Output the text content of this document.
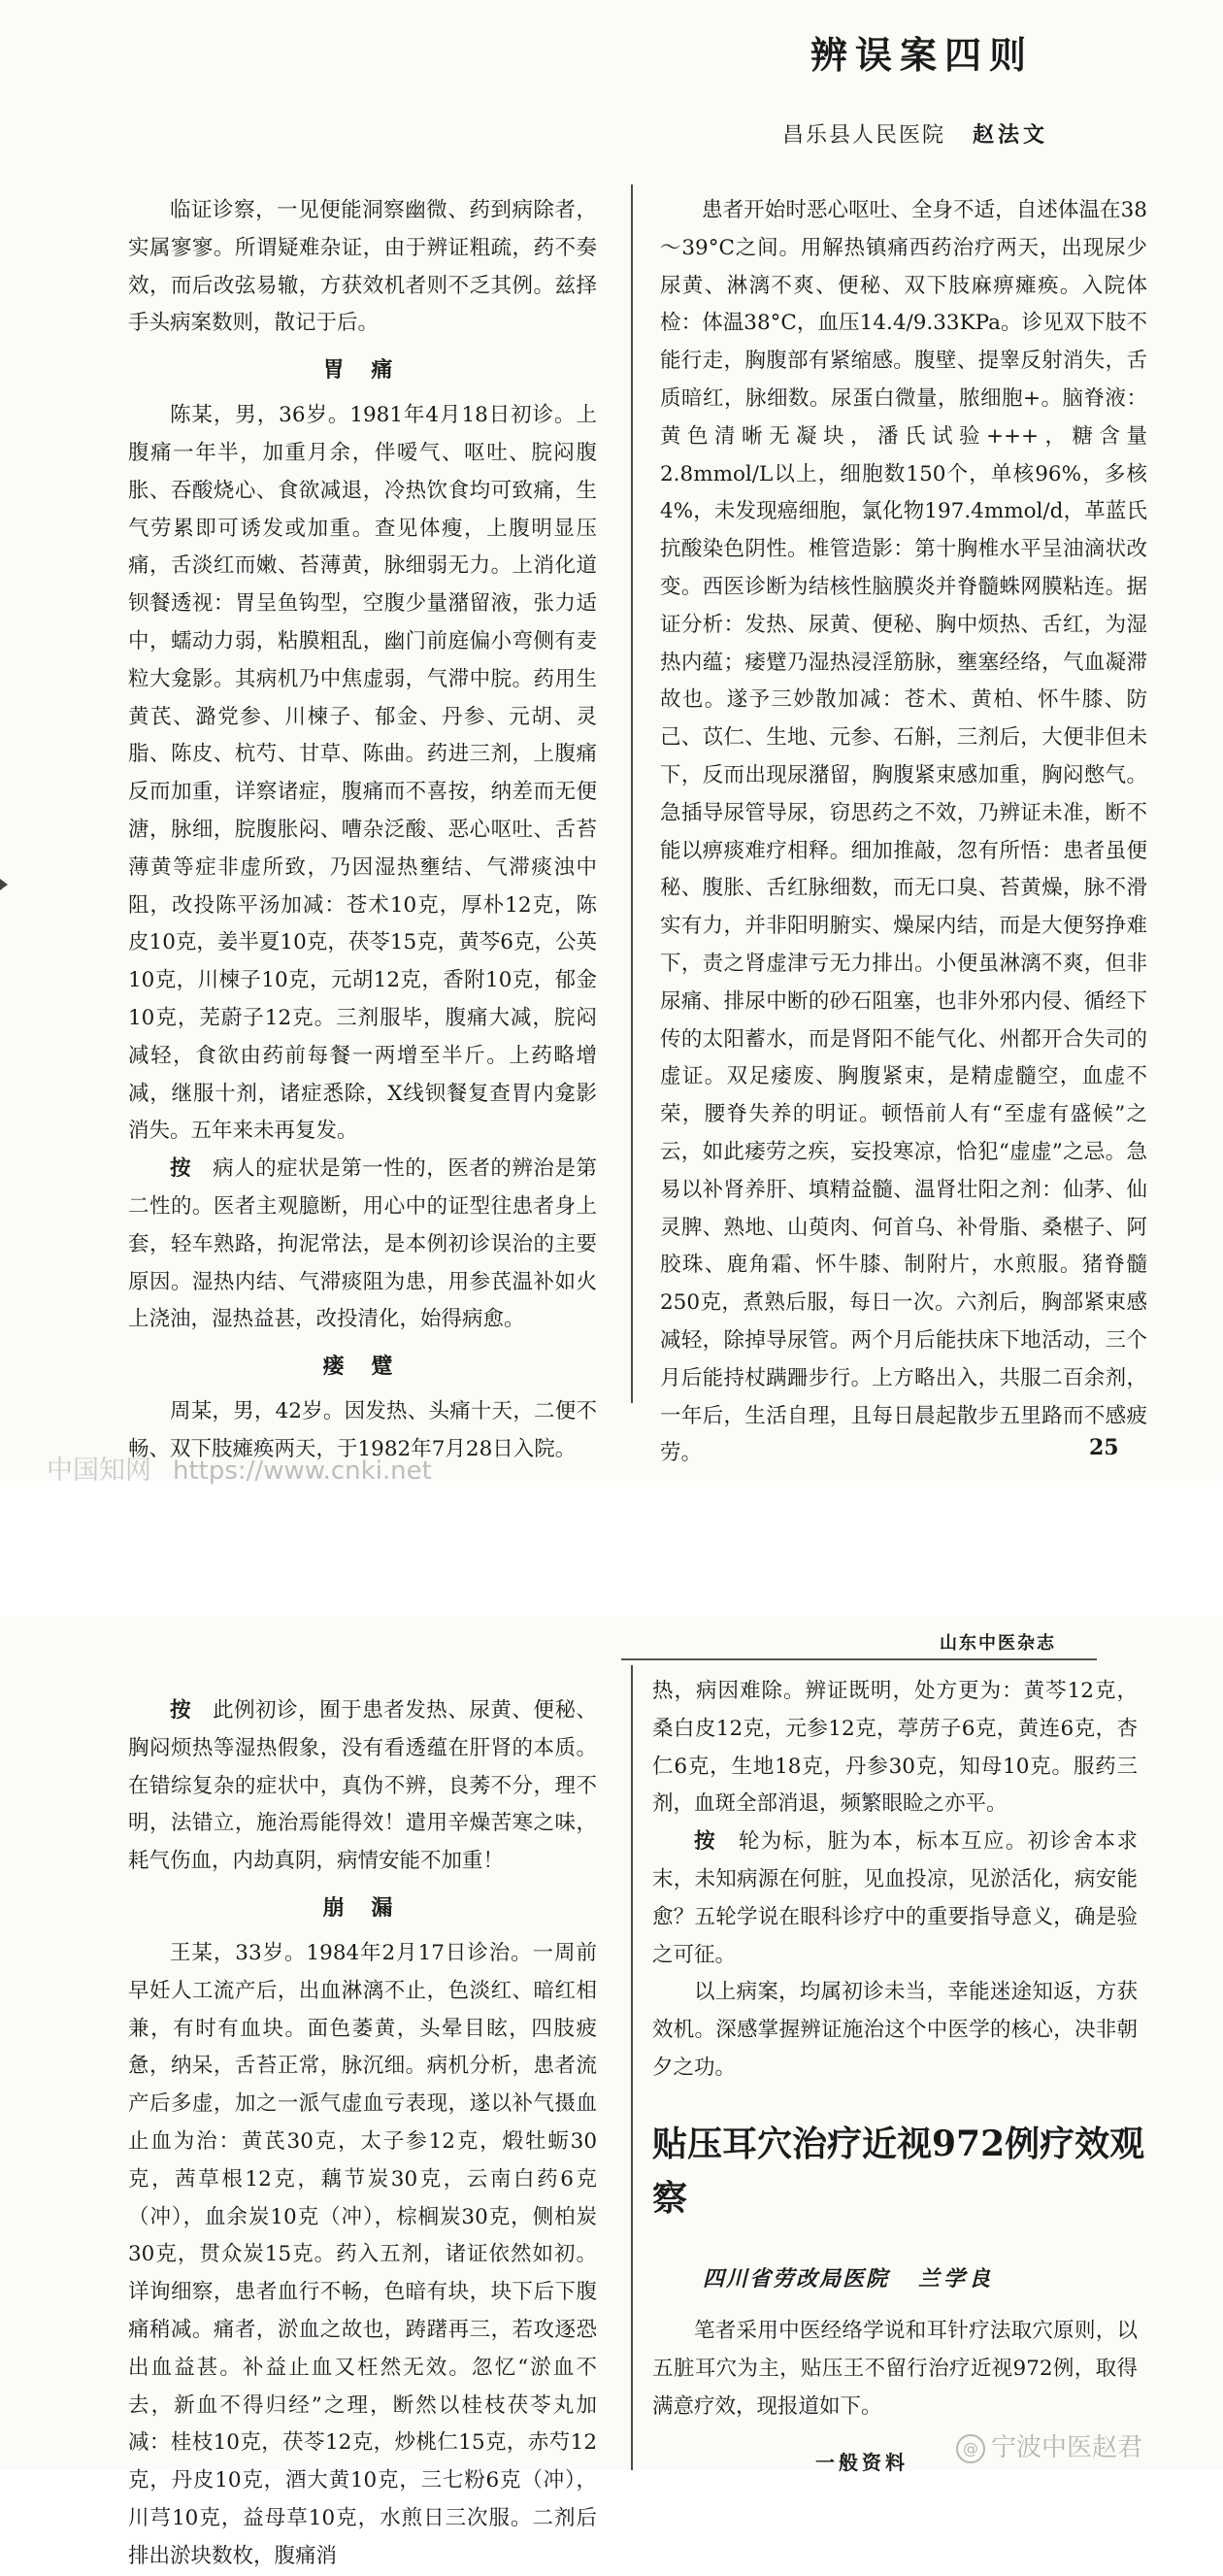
辨误案四则
昌乐县人民医院 赵法文

临证诊察，一见便能洞察幽微、药到病除者，实属寥寥。所谓疑难杂证，由于辨证粗疏，药不奏效，而后改弦易辙，方获效机者则不乏其例。兹择手头病案数则，散记于后。

胃 痛

陈某，男，36岁。1981年4月18日初诊。上腹痛一年半，加重月余，伴嗳气、呕吐、脘闷腹胀、吞酸烧心、食欲减退，冷热饮食均可致痛，生气劳累即可诱发或加重。查见体瘦，上腹明显压痛，舌淡红而嫩、苔薄黄，脉细弱无力。上消化道钡餐透视：胃呈鱼钩型，空腹少量潴留液，张力适中，蠕动力弱，粘膜粗乱，幽门前庭偏小弯侧有麦粒大龛影。其病机乃中焦虚弱，气滞中脘。药用生黄芪、潞党参、川楝子、郁金、丹参、元胡、灵脂、陈皮、杭芍、甘草、陈曲。药进三剂，上腹痛反而加重，详察诸症，腹痛而不喜按，纳差而无便溏，脉细，脘腹胀闷、嘈杂泛酸、恶心呕吐、舌苔薄黄等症非虚所致，乃因湿热壅结、气滞痰浊中阻，改投陈平汤加减：苍术10克，厚朴12克，陈皮10克，姜半夏10克，茯苓15克，黄芩6克，公英10克，川楝子10克，元胡12克，香附10克，郁金10克，芜蔚子12克。三剂服毕，腹痛大减，脘闷减轻，食欲由药前每餐一两增至半斤。上药略增减，继服十剂，诸症悉除，X线钡餐复查胃内龛影消失。五年来未再复发。

按　 病人的症状是第一性的，医者的辨治是第二性的。医者主观臆断，用心中的证型往患者身上套，轻车熟路，拘泥常法，是本例初诊误治的主要原因。湿热内结、气滞痰阻为患，用参芪温补如火上浇油，湿热益甚，改投清化，始得病愈。

瘘 躄

周某，男，42岁。因发热、头痛十天，二便不畅、双下肢瘫痪两天，于1982年7月28日入院。

患者开始时恶心呕吐、全身不适，自述体温在38～39°C之间。用解热镇痛西药治疗两天，出现尿少尿黄、淋漓不爽、便秘、双下肢麻痹瘫痪。入院体检：体温38°C，血压14.4/9.33KPa。诊见双下肢不能行走，胸腹部有紧缩感。腹壁、提睾反射消失，舌质暗红，脉细数。尿蛋白微量，脓细胞+。脑脊液：黄色清晰无凝块，潘氏试验+++，糖含量2.8mmol/L以上，细胞数150个，单核96%，多核4%，未发现癌细胞，氯化物197.4mmol/d，革蓝氏抗酸染色阴性。椎管造影：第十胸椎水平呈油滴状改变。西医诊断为结核性脑膜炎并脊髓蛛网膜粘连。据证分析：发热、尿黄、便秘、胸中烦热、舌红，为湿热内蕴；痿躄乃湿热浸淫筋脉，壅塞经络，气血凝滞故也。遂予三妙散加减：苍术、黄柏、怀牛膝、防己、苡仁、生地、元参、石斛，三剂后，大便非但未下，反而出现尿潴留，胸腹紧束感加重，胸闷憋气。急插导尿管导尿，窃思药之不效，乃辨证未准，断不能以痹痰难疗相释。细加推敲，忽有所悟：患者虽便秘、腹胀、舌红脉细数，而无口臭、苔黄燥，脉不滑实有力，并非阳明腑实、燥屎内结，而是大便努挣难下，责之肾虚津亏无力排出。小便虽淋漓不爽，但非尿痛、排尿中断的砂石阻塞，也非外邪内侵、循经下传的太阳蓄水，而是肾阳不能气化、州都开合失司的虚证。双足痿废、胸腹紧束，是精虚髓空，血虚不荣，腰脊失养的明证。顿悟前人有“至虚有盛候”之云，如此痿劳之疾，妄投寒凉，恰犯“虚虚”之忌。急易以补肾养肝、填精益髓、温肾壮阳之剂：仙茅、仙灵脾、熟地、山萸肉、何首乌、补骨脂、桑椹子、阿胶珠、鹿角霜、怀牛膝、制附片，水煎服。猪脊髓250克，煮熟后服，每日一次。六剂后，胸部紧束感减轻，除掉导尿管。两个月后能扶床下地活动，三个月后能持杖蹒跚步行。上方略出入，共服二百余剂，一年后，生活自理，且每日晨起散步五里路而不感疲劳。	25
中国知网 https://www.cnki.net

按　 此例初诊，囿于患者发热、尿黄、便秘、胸闷烦热等湿热假象，没有看透蕴在肝肾的本质。在错综复杂的症状中，真伪不辨，良莠不分，理不明，法错立，施治焉能得效！遣用辛燥苦寒之味，耗气伤血，内劫真阴，病情安能不加重！

崩 漏

王某，33岁。1984年2月17日诊治。一周前早妊人工流产后，出血淋漓不止，色淡红、暗红相兼，有时有血块。面色萎黄，头晕目眩，四肢疲惫，纳呆，舌苔正常，脉沉细。病机分析，患者流产后多虚，加之一派气虚血亏表现，遂以补气摄血止血为治：黄芪30克，太子参12克，煅牡蛎30克，茜草根12克，藕节炭30克，云南白药6克（冲），血余炭10克（冲），棕榈炭30克，侧柏炭30克，贯众炭15克。药入五剂，诸证依然如初。详询细察，患者血行不畅，色暗有块，块下后下腹痛稍减。痛者，淤血之故也，踌躇再三，若攻逐恐出血益甚。补益止血又枉然无效。忽忆“淤血不去，新血不得归经”之理，断然以桂枝茯苓丸加减：桂枝10克，茯苓12克，炒桃仁15克，赤芍12克，丹皮10克，酒大黄10克，三七粉6克（冲），川芎10克，益母草10克，水煎日三次服。二剂后排出淤块数枚，腹痛消

热，病因难除。辨证既明，处方更为：黄芩12克，桑白皮12克，元参12克，葶苈子6克，黄连6克，杏仁6克，生地18克，丹参30克，知母10克。服药三剂，血斑全部消退，频繁眼睑之亦平。

按　 轮为标，脏为本，标本互应。初诊舍本求末，未知病源在何脏，见血投凉，见淤活化，病安能愈？五轮学说在眼科诊疗中的重要指导意义，确是验之可征。

以上病案，均属初诊未当，幸能迷途知返，方获效机。深感掌握辨证施治这个中医学的核心，决非朝夕之功。

山东中医杂志
贴压耳穴治疗近视972例疗效观察
四川省劳改局医院 兰学良

笔者采用中医经络学说和耳针疗法取穴原则，以五脏耳穴为主，贴压王不留行治疗近视972例，取得满意疗效，现报道如下。

一般资料
@ 宁波中医赵君
